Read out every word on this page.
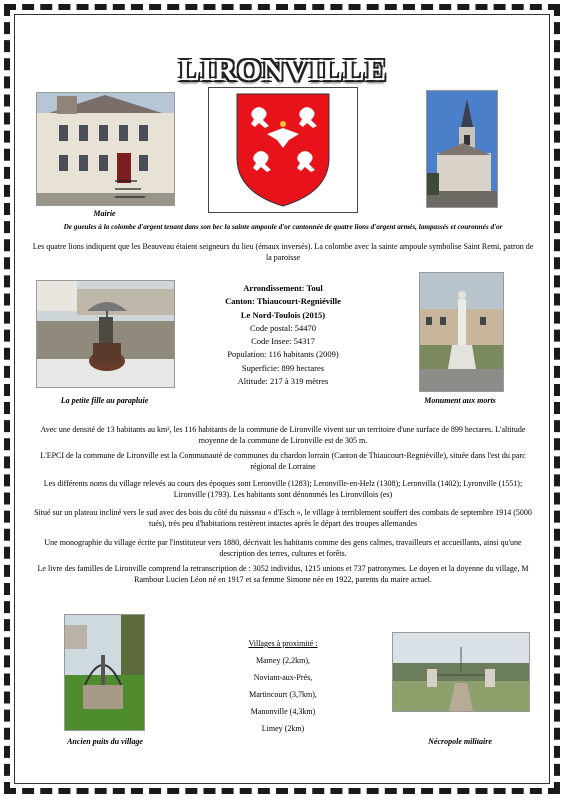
LIRONVILLE
Mairie
De gueules à la colombe d'argent tenant dans son bec la sainte ampoule d'or cantonnée de quatre lions d'argent armés, lampassés et couronnés d'or
Les quatre lions indiquent que les Beauveau étaient seigneurs du lieu (émaux inversés). La colombe avec la sainte ampoule symbolise Saint Remi, patron de la paroisse
La petite fille au parapluie
Arrondissement: Toul
Canton: Thiaucourt-Regniéville
Le Nord-Toulois (2015)
Code postal: 54470
Code Insee: 54317
Population: 116 habitants (2009)
Superficie: 899 hectares
Altitude: 217 à 319 mètres
Monument aux morts
Avec une densité de 13 habitants au km², les 116 habitants de la commune de Lironville vivent sur un territoire d'une surface de 899 hectares. L'altitude moyenne de la commune de Lironville est de 305 m.
L'EPCI de la commune de Lironville est la Communauté de communes du chardon lorrain (Canton de Thiaucourt-Regniéville), située dans l'est du parc régional de Lorraine
Les différents noms du village relevés au cours des époques sont Leronville (1283); Leronville-en-Helz (1308); Leronvilla (1402); Lyronville (1551); Lironville (1793). Les habitants sont dénommés les Lironvillois (es)
Situé sur un plateau incliné vers le sud avec des bois du côté du ruisseau « d'Esch », le village à terriblement souffert des combats de septembre 1914 (5000 tués), très peu d'habitations restèrent intactes après le départ des troupes allemandes
Une monographie du village écrite par l'instituteur vers 1880, décrivait les habitants comme des gens calmes, travailleurs et accueillants, ainsi qu'une description des terres, cultures et forêts.
Le livre des familles de Lironville comprend la retranscription de : 3052 individus, 1215 unions et 737 patronymes. Le doyen et la doyenne du village, M Rambour Lucien Léon né en 1917 et sa femme Simone née en 1922, parents du maire actuel.
Ancien puits du village
Villages à proximité :
Mamey (2,2km),
Noviant-aux-Prés,
Martincourt (3,7km),
Manonville (4,3km)
Limey (2km)
Nécropole militaire
